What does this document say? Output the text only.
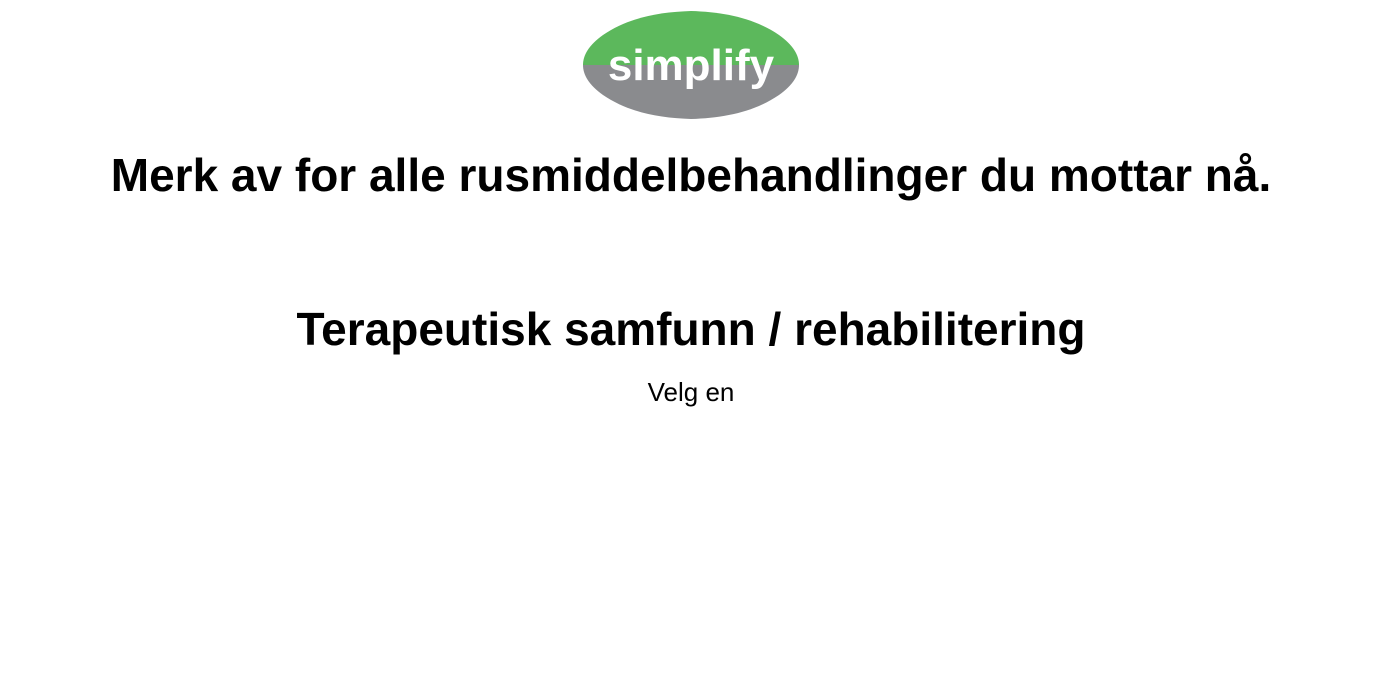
simplify
Merk av for alle rusmiddelbehandlinger du mottar nå.
Terapeutisk samfunn / rehabilitering

Velg en
